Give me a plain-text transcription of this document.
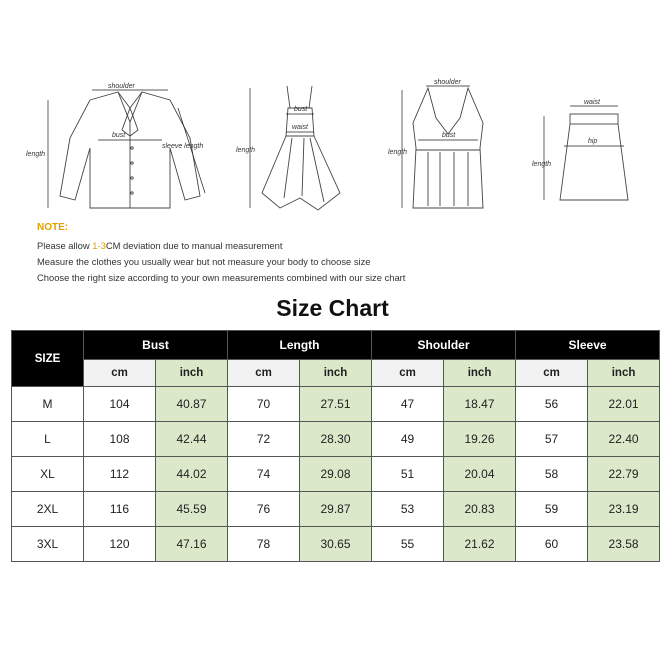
shoulder
bust
length
sleeve length
bust
waist
length
shoulder
bust
length
waist
hip
length
NOTE:
Please allow 1-3CM deviation due to manual measurement
Measure the clothes you usually wear but not measure your body to choose size
Choose the right size according to your own measurements combined with our size chart
Size Chart
SIZE	Bust		Length		Shoulder		Sleeve	
	cm	inch	cm	inch	cm	inch	cm	inch
M	104	40.87	70	27.51	47	18.47	56	22.01
L	108	42.44	72	28.30	49	19.26	57	22.40
XL	112	44.02	74	29.08	51	20.04	58	22.79
2XL	116	45.59	76	29.87	53	20.83	59	23.19
3XL	120	47.16	78	30.65	55	21.62	60	23.58
